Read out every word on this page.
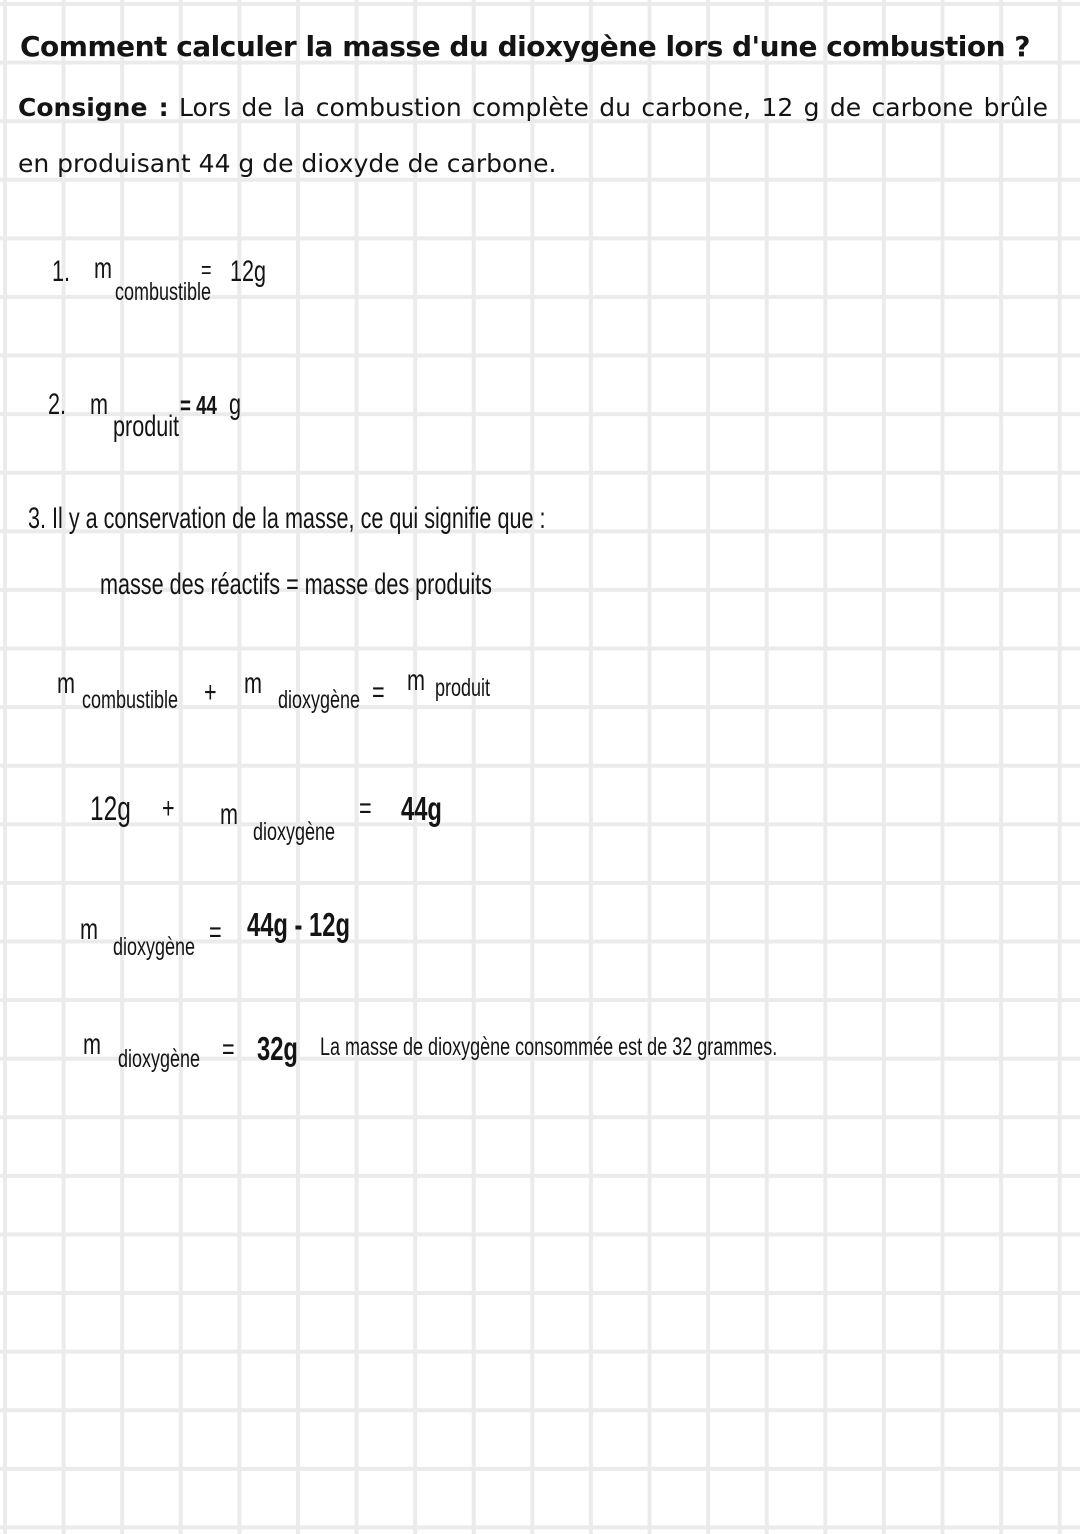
Comment calculer la masse du dioxygène lors d'une combustion ?
Consigne : Lors de la combustion complète du carbone, 12 g de carbone brûle en produisant 44 g de dioxyde de carbone.
1. m
combustible
= 12g
2. m
produit
= 44 g
3. Il y a conservation de la masse, ce qui signifie que :
masse des réactifs = masse des produits
m combustible + m dioxygène = m produit
12g + m
dioxygène
= 44g
m
dioxygène = 44g - 12g
m dioxygène = 32g La masse de dioxygène consommée est de 32 grammes.
